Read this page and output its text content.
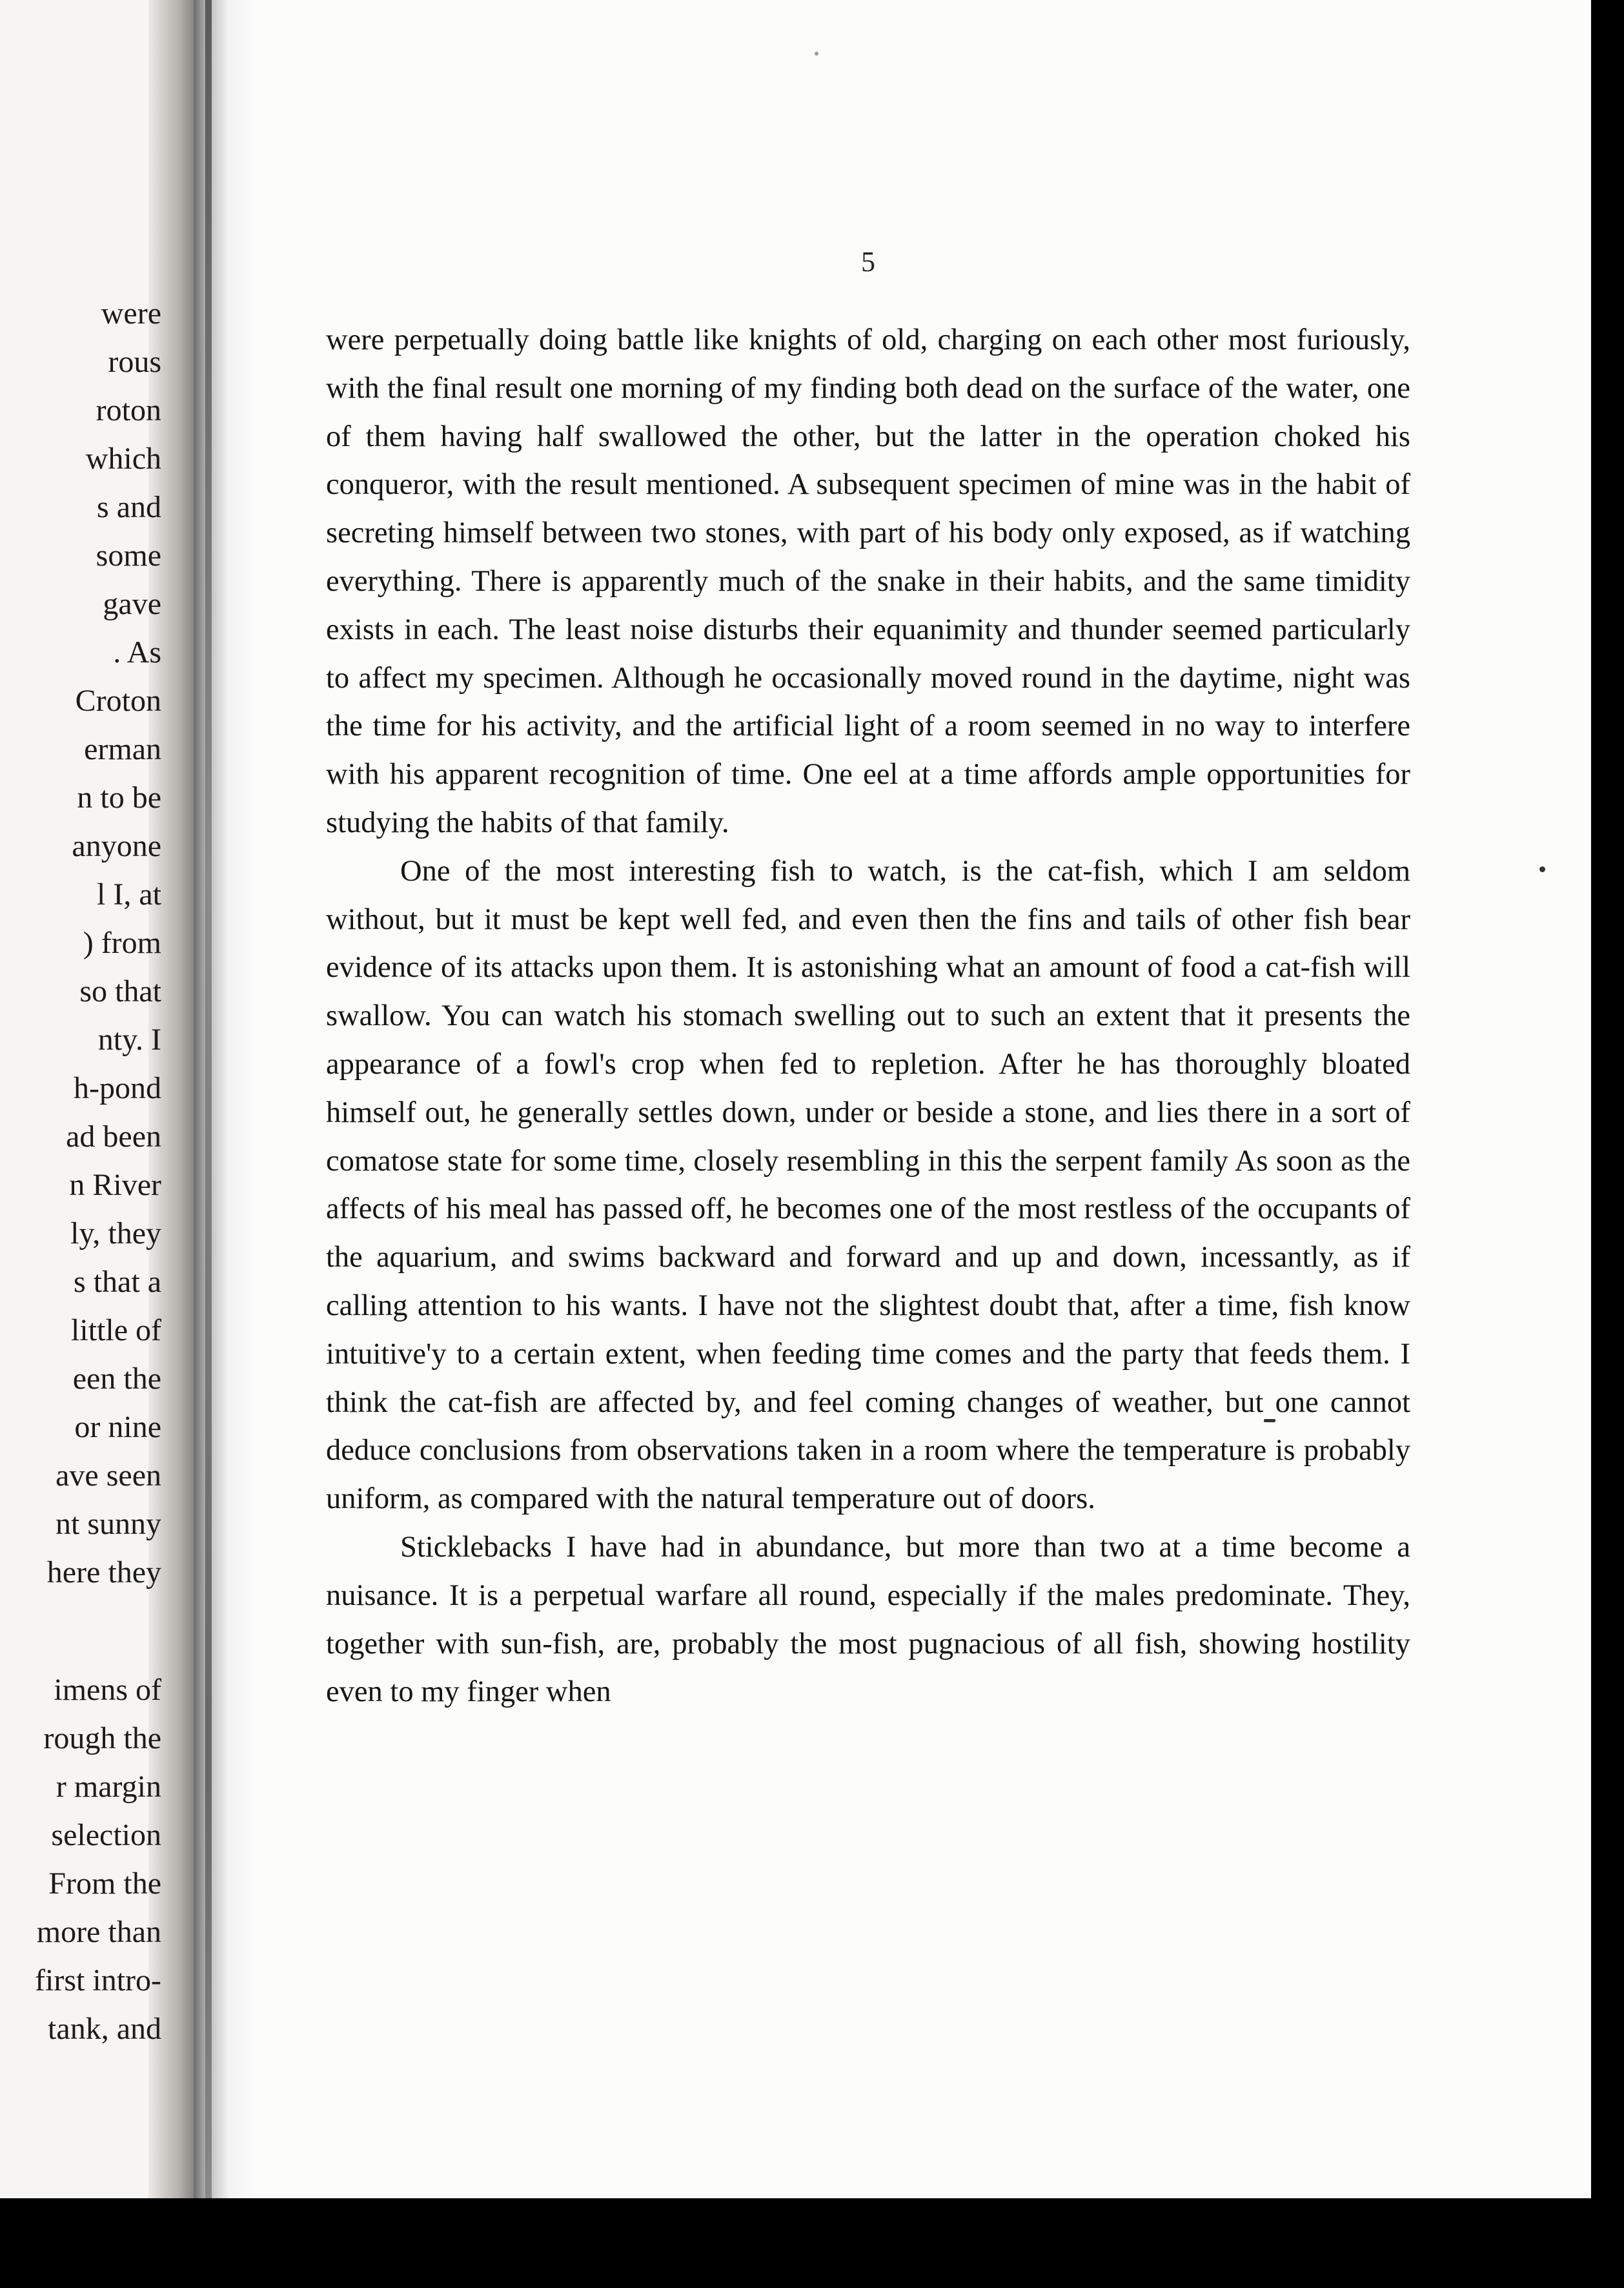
were
rous
roton
which
s and
some
gave
. As
Croton
erman
n to be
anyone
l I, at
) from
so that
nty. I
h-pond
ad been
n River
ly, they
s that a
little of
een the
or nine
ave seen
nt sunny
here they
imens of
rough the
r margin
selection
From the
more than
first intro-
tank, and
5

were perpetually doing battle like knights of old, charging on each other most furiously, with the final result one morning of my finding both dead on the surface of the water, one of them having half swallowed the other, but the latter in the operation choked his conqueror, with the result mentioned. A subsequent specimen of mine was in the habit of secreting himself between two stones, with part of his body only exposed, as if watching everything. There is apparently much of the snake in their habits, and the same timidity exists in each. The least noise disturbs their equanimity and thunder seemed particularly to affect my specimen. Although he occasionally moved round in the daytime, night was the time for his activity, and the artificial light of a room seemed in no way to interfere with his apparent recognition of time. One eel at a time affords ample opportunities for studying the habits of that family.

One of the most interesting fish to watch, is the cat-fish, which I am seldom without, but it must be kept well fed, and even then the fins and tails of other fish bear evidence of its attacks upon them. It is astonishing what an amount of food a cat-fish will swallow. You can watch his stomach swelling out to such an extent that it presents the appearance of a fowl's crop when fed to repletion. After he has thoroughly bloated himself out, he generally settles down, under or beside a stone, and lies there in a sort of comatose state for some time, closely resembling in this the serpent family As soon as the affects of his meal has passed off, he becomes one of the most restless of the occupants of the aquarium, and swims backward and forward and up and down, incessantly, as if calling attention to his wants. I have not the slightest doubt that, after a time, fish know intuitive'y to a certain extent, when feeding time comes and the party that feeds them. I think the cat-fish are affected by, and feel coming changes of weather, but one cannot deduce conclusions from observations taken in a room where the temperature is probably uniform, as compared with the natural temperature out of doors.

Sticklebacks I have had in abundance, but more than two at a time become a nuisance. It is a perpetual warfare all round, especially if the males predominate. They, together with sun-fish, are, probably the most pugnacious of all fish, showing hostility even to my finger when
